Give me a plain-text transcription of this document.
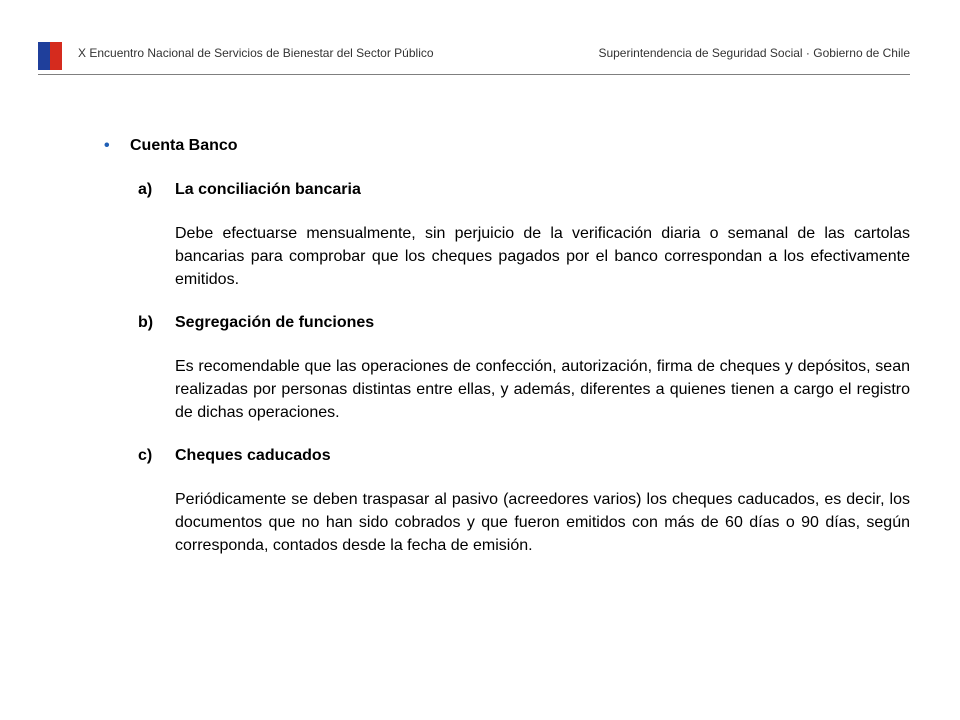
X Encuentro Nacional de Servicios de Bienestar del Sector Público	Superintendencia de Seguridad Social · Gobierno de Chile
•	Cuenta Banco
a)	La conciliación bancaria
Debe efectuarse mensualmente, sin perjuicio de la verificación diaria o semanal de las cartolas bancarias para comprobar que los cheques pagados por el banco correspondan a los efectivamente emitidos.
b)	Segregación de funciones
Es recomendable que las operaciones de confección, autorización, firma de cheques y depósitos, sean realizadas por personas distintas entre ellas, y además, diferentes a quienes tienen a cargo el registro de dichas operaciones.
c)	Cheques caducados
Periódicamente se deben traspasar al pasivo (acreedores varios) los cheques caducados, es decir, los documentos que no han sido cobrados y que fueron emitidos con más de 60 días o 90 días, según corresponda, contados desde la fecha de emisión.
